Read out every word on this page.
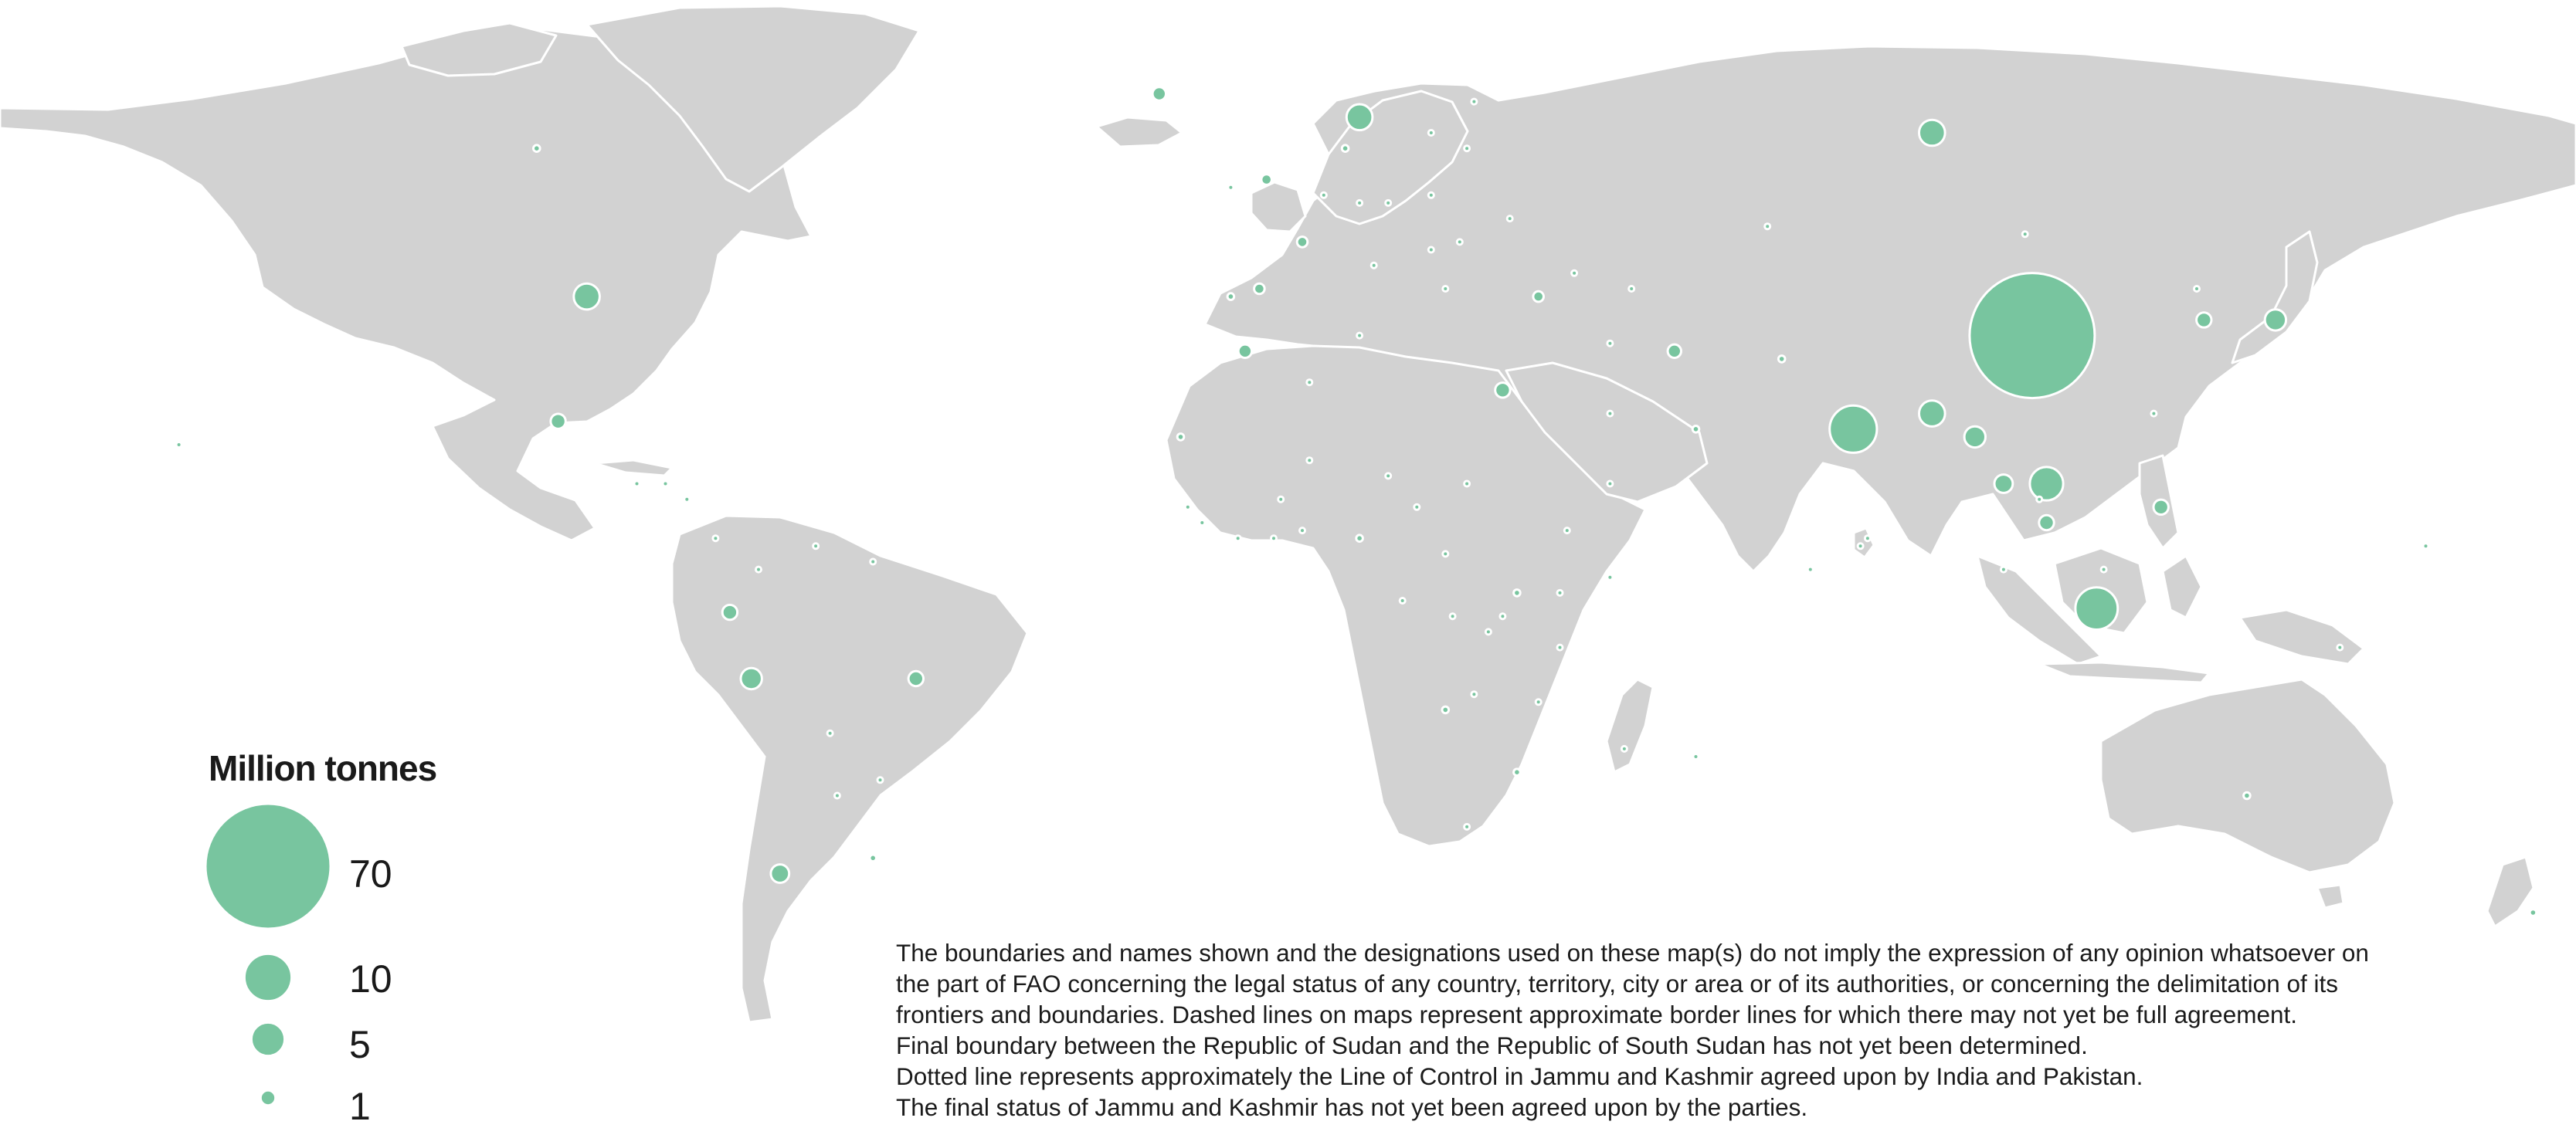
Million tonnes
70
10
5
1
The boundaries and names shown and the designations used on these map(s) do not imply the expression of any opinion whatsoever on
the part of FAO concerning the legal status of any country, territory, city or area or of its authorities, or concerning the delimitation of its
frontiers and boundaries. Dashed lines on maps represent approximate border lines for which there may not yet be full agreement.
Final boundary between the Republic of Sudan and the Republic of South Sudan has not yet been determined.
Dotted line represents approximately the Line of Control in Jammu and Kashmir agreed upon by India and Pakistan.
The final status of Jammu and Kashmir has not yet been agreed upon by the parties.
